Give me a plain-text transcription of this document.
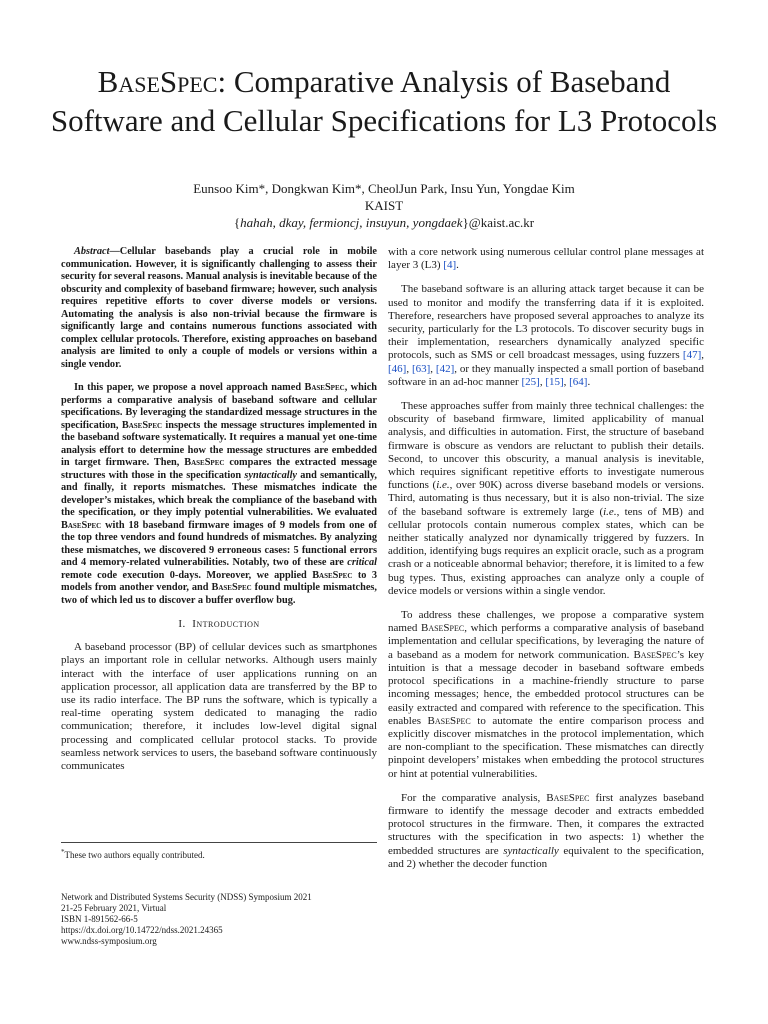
BaseSpec: Comparative Analysis of Baseband
Software and Cellular Specifications for L3 Protocols
Eunsoo Kim*, Dongkwan Kim*, CheolJun Park, Insu Yun, Yongdae Kim
KAIST
{hahah, dkay, fermioncj, insuyun, yongdaek}@kaist.ac.kr

Abstract—Cellular basebands play a crucial role in mobile communication. However, it is significantly challenging to assess their security for several reasons. Manual analysis is inevitable because of the obscurity and complexity of baseband firmware; however, such analysis requires repetitive efforts to cover diverse models or versions. Automating the analysis is also non-trivial because the firmware is significantly large and contains numerous functions associated with complex cellular protocols. Therefore, existing approaches on baseband analysis are limited to only a couple of models or versions within a single vendor.

In this paper, we propose a novel approach named BaseSpec, which performs a comparative analysis of baseband software and cellular specifications. By leveraging the standardized message structures in the specification, BaseSpec inspects the message structures implemented in the baseband software systematically. It requires a manual yet one-time analysis effort to determine how the message structures are embedded in target firmware. Then, BaseSpec compares the extracted message structures with those in the specification syntactically and semantically, and finally, it reports mismatches. These mismatches indicate the developer’s mistakes, which break the compliance of the baseband with the specification, or they imply potential vulnerabilities. We evaluated BaseSpec with 18 baseband firmware images of 9 models from one of the top three vendors and found hundreds of mismatches. By analyzing these mismatches, we discovered 9 erroneous cases: 5 functional errors and 4 memory-related vulnerabilities. Notably, two of these are critical remote code execution 0-days. Moreover, we applied BaseSpec to 3 models from another vendor, and BaseSpec found multiple mismatches, two of which led us to discover a buffer overflow bug.

I.  Introduction

A baseband processor (BP) of cellular devices such as smartphones plays an important role in cellular networks. Although users mainly interact with the interface of user applications running on an application processor, all application data are transferred by the BP to use its radio interface. The BP runs the software, which is typically a real-time operating system dedicated to managing the radio communication; therefore, it includes low-level digital signal processing and complicated cellular protocol stacks. To provide seamless network services to users, the baseband software continuously communicates

with a core network using numerous cellular control plane messages at layer 3 (L3) [4].

The baseband software is an alluring attack target because it can be used to monitor and modify the transferring data if it is exploited. Therefore, researchers have proposed several approaches to analyze its security, particularly for the L3 protocols. To discover security bugs in their implementation, researchers dynamically analyzed specific protocols, such as SMS or cell broadcast messages, using fuzzers [47], [46], [63], [42], or they manually inspected a small portion of baseband software in an ad-hoc manner [25], [15], [64].

These approaches suffer from mainly three technical challenges: the obscurity of baseband firmware, limited applicability of manual analysis, and difficulties in automation. First, the structure of baseband firmware is obscure as vendors are reluctant to publish their details. Second, to uncover this obscurity, a manual analysis is inevitable, which requires significant repetitive efforts to investigate numerous functions (i.e., over 90K) across diverse baseband models or versions. Third, automating is thus necessary, but it is also non-trivial. The size of the baseband software is extremely large (i.e., tens of MB) and cellular protocols contain numerous complex states, which can be neither statically analyzed nor dynamically triggered by fuzzers. In addition, identifying bugs requires an explicit oracle, such as a program crash or a noticeable abnormal behavior; therefore, it is limited to a few bug types. Thus, existing approaches can analyze only a couple of device models or versions within a single vendor.

To address these challenges, we propose a comparative system named BaseSpec, which performs a comparative analysis of baseband implementation and cellular specifications, by leveraging the nature of a baseband as a modem for network communication. BaseSpec’s key intuition is that a message decoder in baseband software embeds protocol specifications in a machine-friendly structure to parse incoming messages; hence, the embedded protocol structures can be easily extracted and compared with reference to the specification. This enables BaseSpec to automate the entire comparison process and explicitly discover mismatches in the protocol implementation, which are non-compliant to the specification. These mismatches can directly pinpoint developers’ mistakes when embedding the protocol structures or hint at potential vulnerabilities.

For the comparative analysis, BaseSpec first analyzes baseband firmware to identify the message decoder and extracts embedded protocol structures in the firmware. Then, it compares the extracted structures with the specification in two aspects: 1) whether the embedded structures are syntactically equivalent to the specification, and 2) whether the decoder function

*These two authors equally contributed.
Network and Distributed Systems Security (NDSS) Symposium 2021
21-25 February 2021, Virtual
ISBN 1-891562-66-5
https://dx.doi.org/10.14722/ndss.2021.24365
www.ndss-symposium.org
